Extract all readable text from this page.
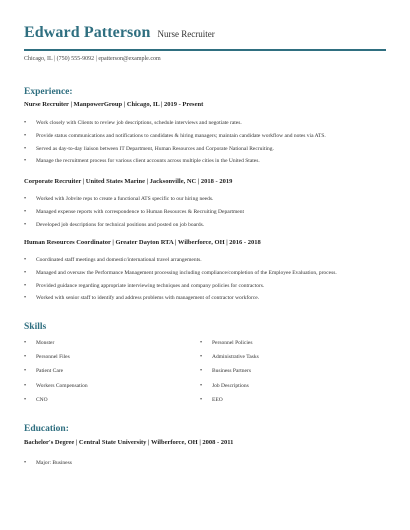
Edward Patterson Nurse Recruiter
Chicago, IL | (750) 555-9092 | epatterson@example.com
Experience:
Nurse Recruiter | ManpowerGroup | Chicago, IL | 2019 - Present
• Work closely with Clients to review job descriptions, schedule interviews and negotiate rates.
• Provide status communications and notifications to candidates & hiring managers; maintain candidate workflow and notes via ATS.
• Served as day-to-day liaison between IT Department, Human Resources and Corporate National Recruiting.
• Manage the recruitment process for various client accounts across multiple cities in the United States.
Corporate Recruiter | United States Marine | Jacksonville, NC | 2018 - 2019
• Worked with Jobvite reps to create a functional ATS specific to our hiring needs.
• Managed expense reports with correspondence to Human Resources & Recruiting Department
• Developed job descriptions for technical positions and posted on job boards.
Human Resources Coordinator | Greater Dayton RTA | Wilberforce, OH | 2016 - 2018
• Coordinated staff meetings and domestic/international travel arrangements.
• Managed and oversaw the Performance Management processing including compliance/completion of the Employee Evaluation, process.
• Provided guidance regarding appropriate interviewing techniques and company policies for contractors.
• Worked with senior staff to identify and address problems with management of contractor workforce.
Skills
• Monster
• Personnel Files
• Patient Care
• Workers Compensation
• CNO
• Personnel Policies
• Administrative Tasks
• Business Partners
• Job Descriptions
• EEO
Education:
Bachelor's Degree | Central State University | Wilberforce, OH | 2008 - 2011
• Major: Business
